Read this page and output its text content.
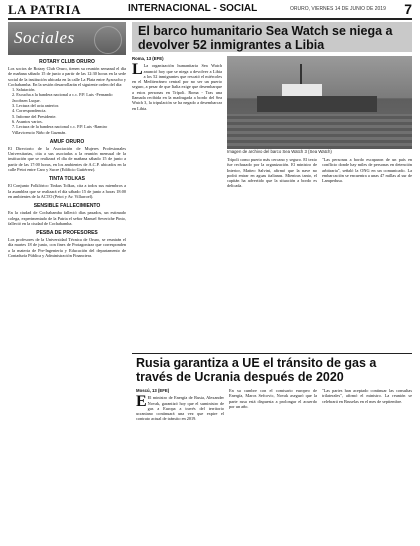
LA PATRIA	INTERNACIONAL - SOCIAL	ORURO, VIERNES 14 DE JUNIO DE 2019 7
Sociales
ROTARY CLUB ORURO

Los socios de Rotary Club Oruro, tienen su reunión semanal el día de mañana sábado 15 de junio a partir de las 12:30 horas en la sede social de la institución ubicada en la calle La Plata entre Ayacucho y Cochabamba. En la sesión desarrollarán el siguiente orden del día:

1. Salutación.
2. Escucha a la bandera nacional a c.c. P.P. Luis -Fernando Jacobsen Luque.
3. Lectura del acta anterior.
4. Correspondencia.
5. Informe del Presidente.
6. Asuntos varios.
7. Lectura de la bandera nacional c.c. P.P. Luis -Ramiro Villavicencio Niño de Guzmán.
AMUF ORURO

El Directorio de la Asociación de Mujeres Profesionales Universitarias, cita a sus asociadas a la reunión mensual de la institución que se realizará el día de mañana sábado 15 de junio a partir de las 17:00 horas, en los ambientes de A.C.P. ubicados en la calle Petot entre Caro y Sucre (Edificio Gutiérrez).

TINTA TOLKAS

El Conjunto Folklórico Tinkus Tolkas, cita a todos sus miembros a la asamblea que se realizará el día sábado 15 de junio a horas 18:00 en ambientes de la ACTO (Petot y Av. Villarroel).

SENSIBLE FALLECIMIENTO

En la ciudad de Cochabamba falleció días pasados, un estimado colega, experimentado de la Patria el señor Manuel Severiche Pinto, falleció en la ciudad de Cochabamba.

PESBA DE PROFESORES

Los profesores de la Universidad Técnica de Oruro, se reunirán el día martes 18 de junio, con fines de Protagonizar que corresponden a la materia de Pre-Ingeniería y Educación del departamento de Contaduría Pública y Administración Financiera.

El barco humanitario Sea Watch se niega a devolver 52 inmigrantes a Libia

Roma, 13 (EFE)

L La organización humanitaria Sea Watch anunció hoy que se niega a devolver a Libia a los 52 inmigrantes que rescató el miércoles en el Mediterráneo central por no ser un puerto seguro, a pesar de que Italia exige que desembarque a estos personas en Trípoli. Roma - Tras una llamada recibida en la madrugada a bordo del Sea Watch 3, la tripulación se ha negado a desembarcar en Libia.

Imagen de archivo del barco Sea Watch 3 (Sea Watch)

Trípoli como puerto más cercano y seguro. El texto fue rechazado por la organización. El ministro de Interior, Matteo Salvini, afirmó que la nave no podrá entrar en aguas italianas. Mientras tanto, el capitán ha advertido que la situación a bordo es delicada.

"Las personas a bordo escaparon de un país en conflicto donde hay miles de personas en detención arbitraria", señaló la ONG en un comunicado. La embarcación se encuentra a unas 47 millas al sur de Lampedusa.

Rusia garantiza a UE el tránsito de gas a través de Ucrania después de 2020

Moscú, 13 (EFE)

E El ministro de Energía de Rusia, Alexander Novak, garantizó hoy que el suministro de gas a Europa a través del territorio ucraniano continuará una vez que expire el contrato actual de tránsito en 2019.

En su cumbre con el comisario europeo de Energía, Maros Sefcovic, Novak aseguró que la parte rusa está dispuesta a prolongar el acuerdo por un año.

"Las partes han aceptado continuar las consultas trilaterales", afirmó el ministro. La reunión se celebrará en Bruselas en el mes de septiembre.
